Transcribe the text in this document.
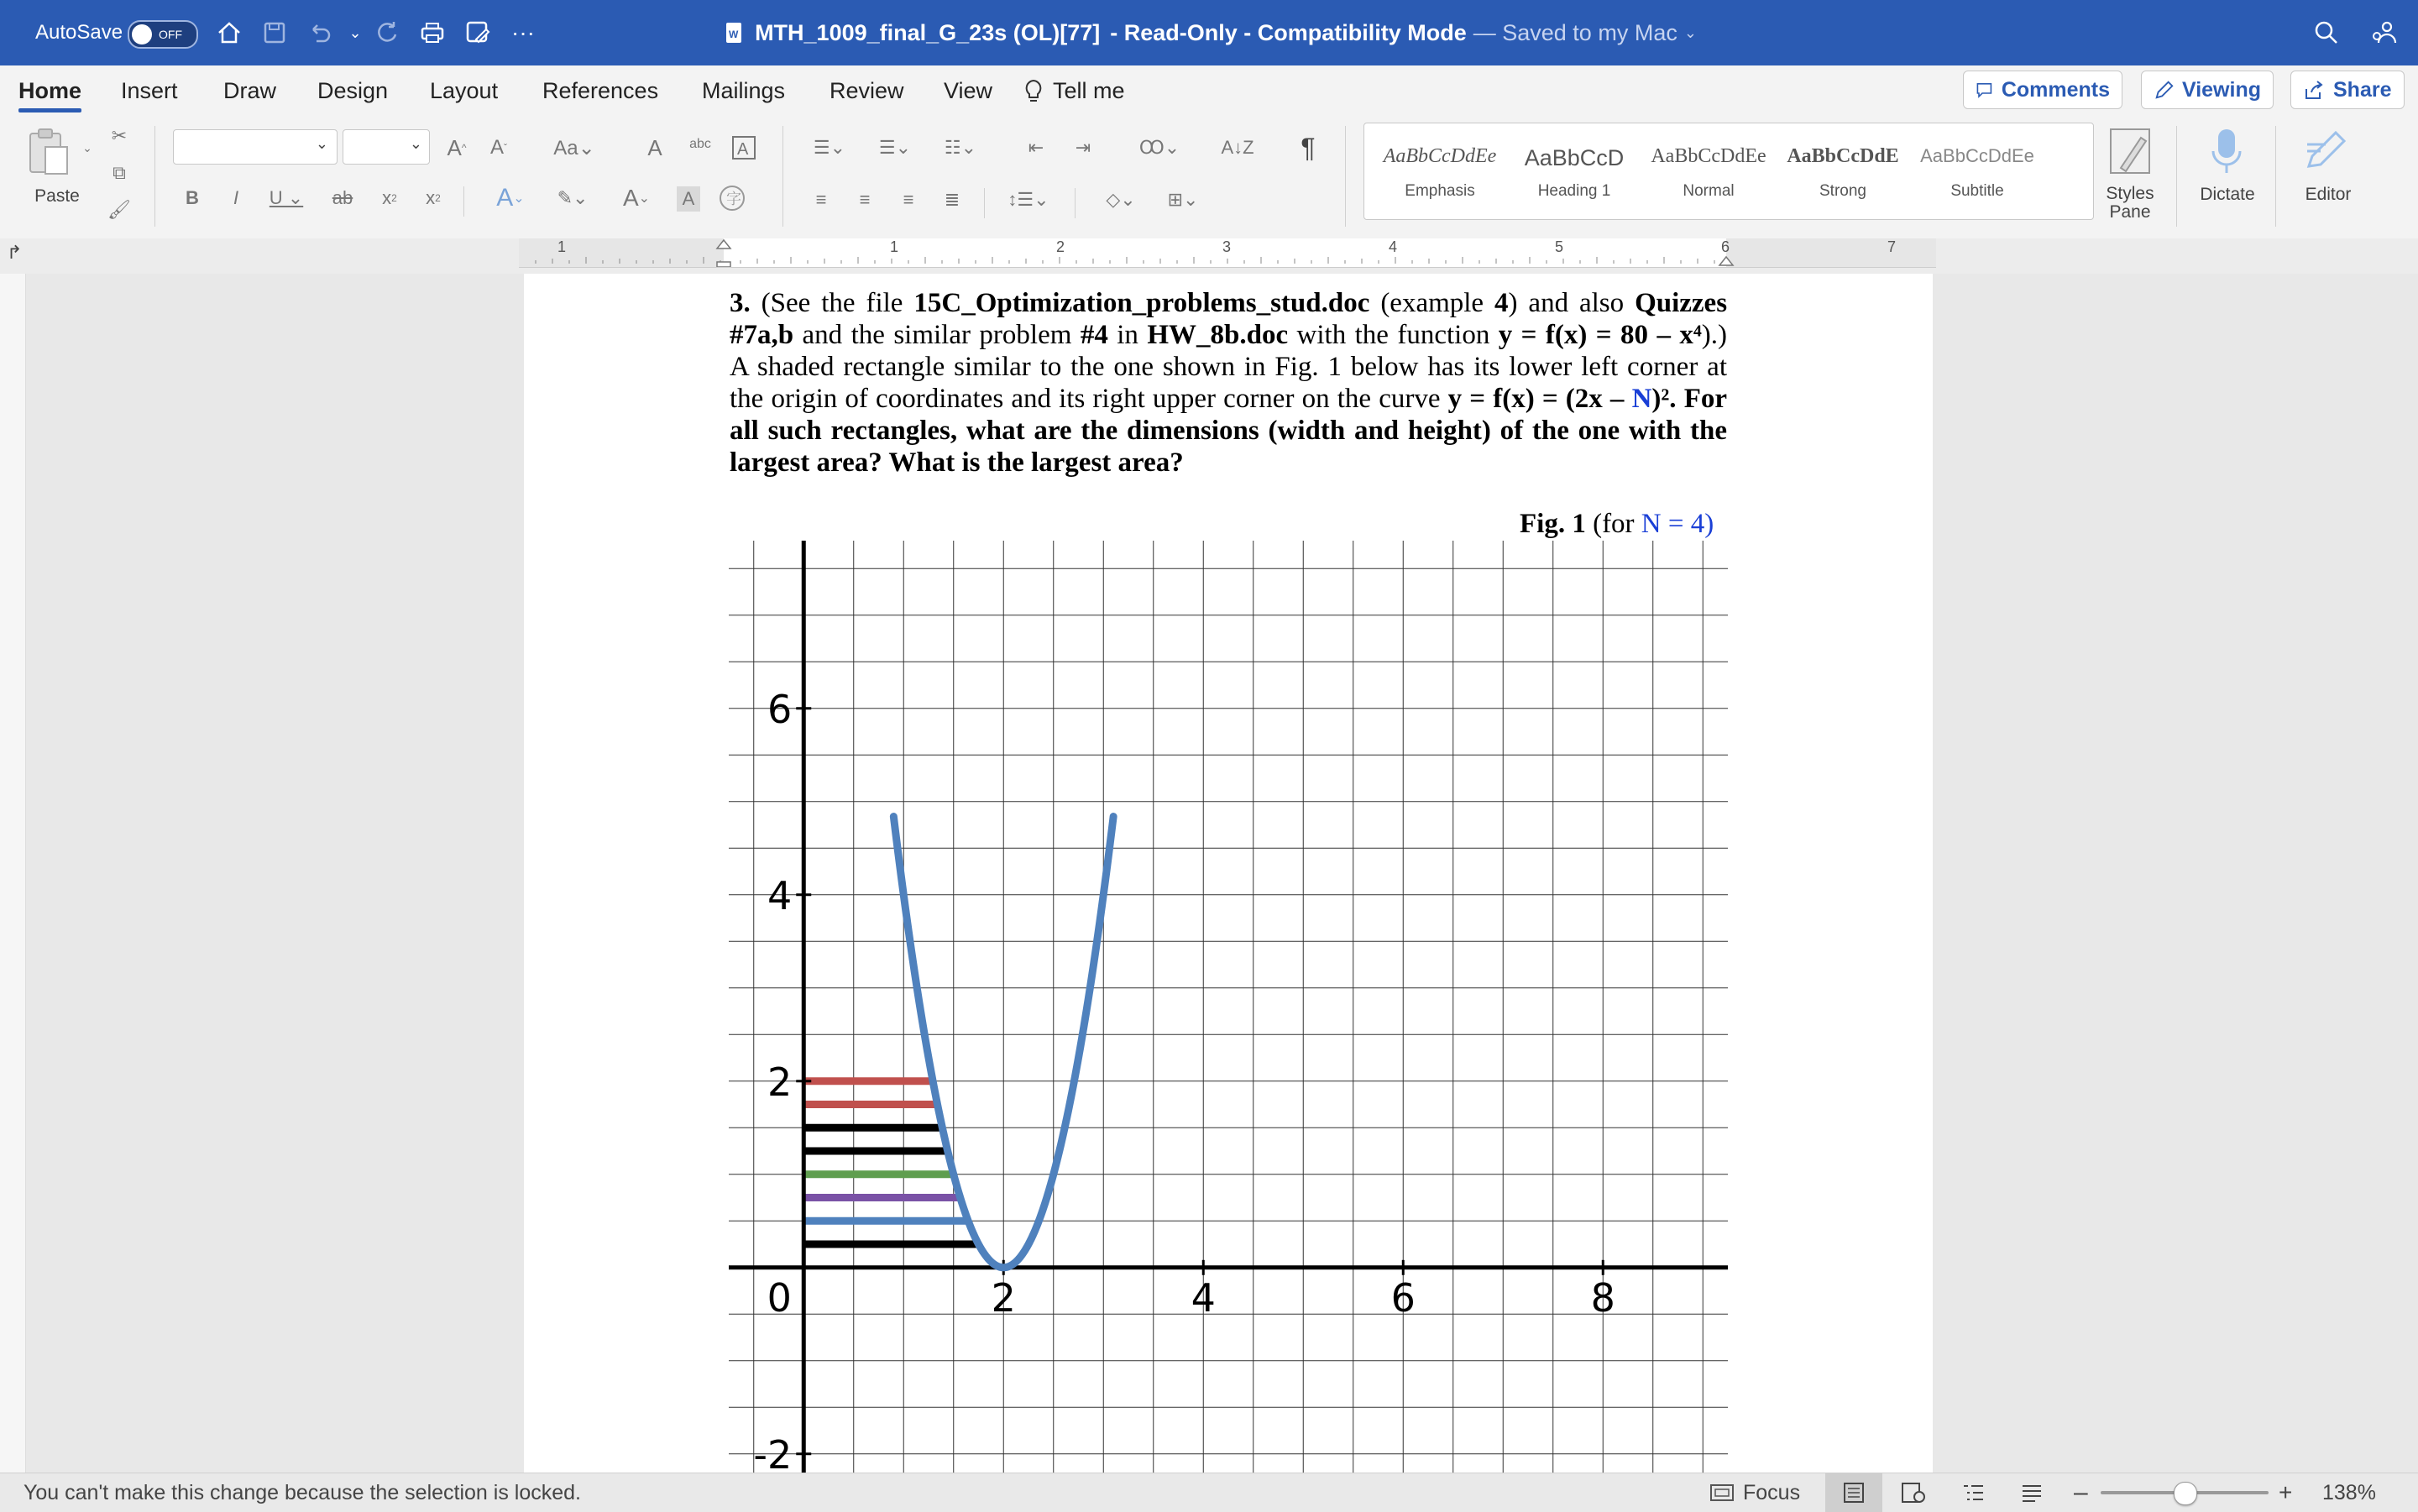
AutoSave	OFF	⌄	···	W MTH_1009_final_G_23s (OL)[77] - Read-Only - Compatibility Mode — Saved to my Mac ⌄
Home Insert Draw Design Layout References Mailings Review View	Tell me	Comments	Viewing	Share
⌄
Paste
✂
⧉
🖌
⌄	⌄	A ^	A ˇ Aa⌄	A	abc	A
B	I	U ⌄	ab	x 2	x 2	A ⌄	✎⌄	A ⌄	A	字
☰⌄	☰⌄	☷⌄	⇤	⇥	Ꝏ⌄	A↓Z	¶
≡	≡	≡	≣	↕☰⌄	◇⌄	⊞⌄	Styles Pane
Dictate	Editor
AaBbCcDdEe
Emphasis
AaBbCcD
Heading 1
AaBbCcDdEe
Normal
AaBbCcDdE
Strong
AaBbCcDdEe
Subtitle
↱	1	1	2	3	4	5	6	7
3. (See the file 15C_Optimization_problems_stud.doc (example 4) and also Quizzes
#7a,b and the similar problem #4 in HW_8b.doc with the function y = f(x) = 80 – x⁴).)
A shaded rectangle similar to the one shown in Fig. 1 below has its lower left corner at
the origin of coordinates and its right upper corner on the curve y = f(x) = (2x – N)². For
all such rectangles, what are the dimensions (width and height) of the one with the
largest area? What is the largest area?
Fig. 1 (for N = 4)
0	2	4	6	8
6
4
2
-2
You can't make this change because the selection is locked.	Focus	–	+ 138%
